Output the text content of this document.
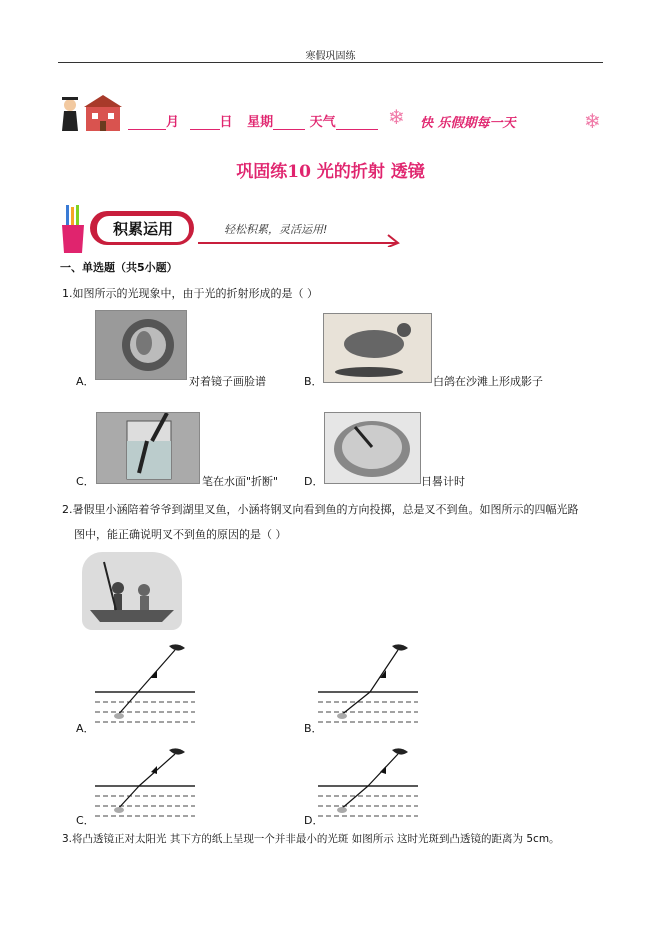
寒假巩固练
月	日 星期	天气	❄ 快 乐假期每一天	❄
巩固练10 光的折射 透镜
积累运用	轻松积累，灵活运用!
一、单选题（共5小题）
1.如图所示的光现象中，由于光的折射形成的是（ ）
A．	对着镜子画脸谱	B．	白鸽在沙滩上形成影子
C．	笔在水面"折断" D．	日晷计时
2.暑假里小涵陪着爷爷到湖里叉鱼，小涵将钢叉向看到鱼的方向投掷，总是叉不到鱼。如图所示的四幅光路
图中，能正确说明叉不到鱼的原因的是（ ）
A．	B．
C．	D．
3.将凸透镜正对太阳光 其下方的纸上呈现一个并非最小的光斑 如图所示 这时光斑到凸透镜的距离为 5cm。
